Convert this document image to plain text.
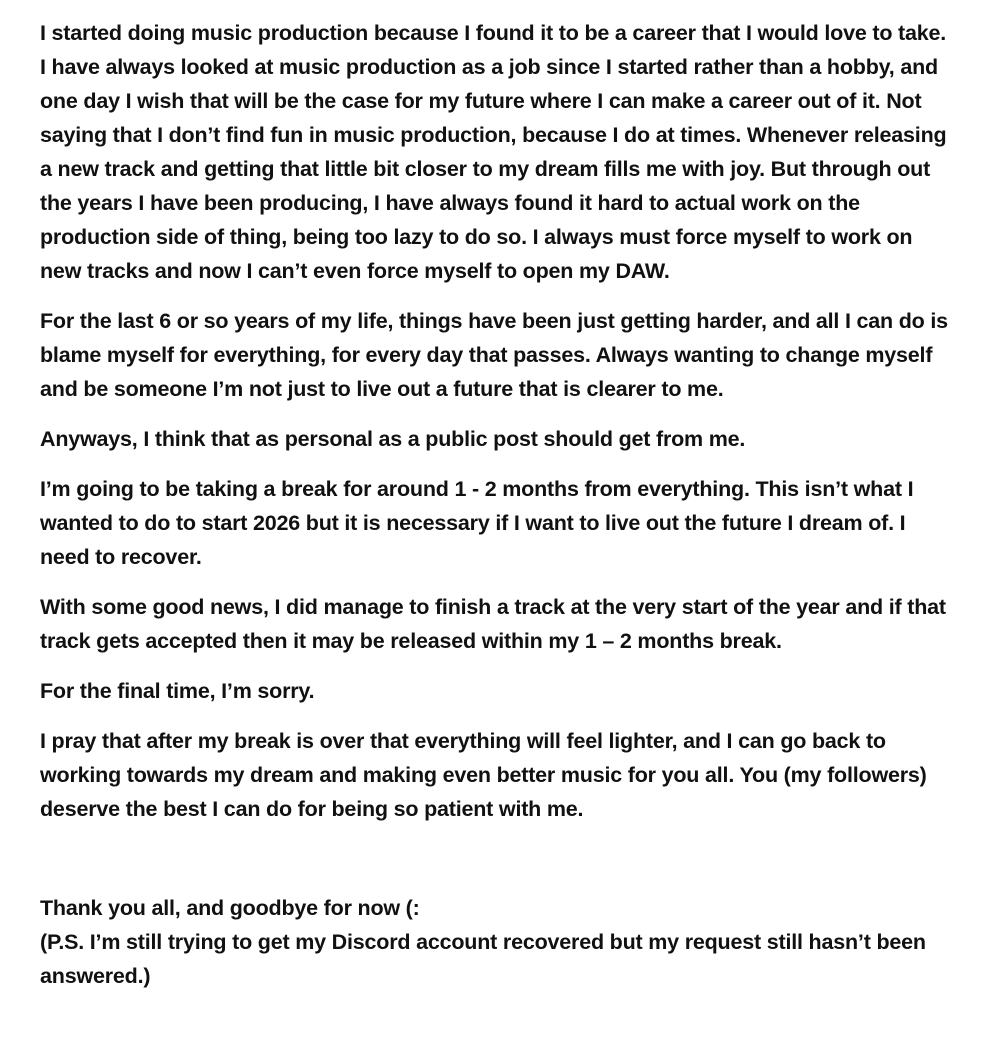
I started doing music production because I found it to be a career that I would love to take. I have always looked at music production as a job since I started rather than a hobby, and one day I wish that will be the case for my future where I can make a career out of it. Not saying that I don’t find fun in music production, because I do at times. Whenever releasing a new track and getting that little bit closer to my dream fills me with joy. But through out the years I have been producing, I have always found it hard to actual work on the production side of thing, being too lazy to do so. I always must force myself to work on new tracks and now I can’t even force myself to open my DAW.

For the last 6 or so years of my life, things have been just getting harder, and all I can do is blame myself for everything, for every day that passes. Always wanting to change myself and be someone I’m not just to live out a future that is clearer to me.

Anyways, I think that as personal as a public post should get from me.

I’m going to be taking a break for around 1 - 2 months from everything. This isn’t what I wanted to do to start 2026 but it is necessary if I want to live out the future I dream of. I need to recover.

With some good news, I did manage to finish a track at the very start of the year and if that track gets accepted then it may be released within my 1 – 2 months break.

For the final time, I’m sorry.

I pray that after my break is over that everything will feel lighter, and I can go back to working towards my dream and making even better music for you all. You (my followers) deserve the best I can do for being so patient with me.

Thank you all, and goodbye for now (:

(P.S. I’m still trying to get my Discord account recovered but my request still hasn’t been answered.)
